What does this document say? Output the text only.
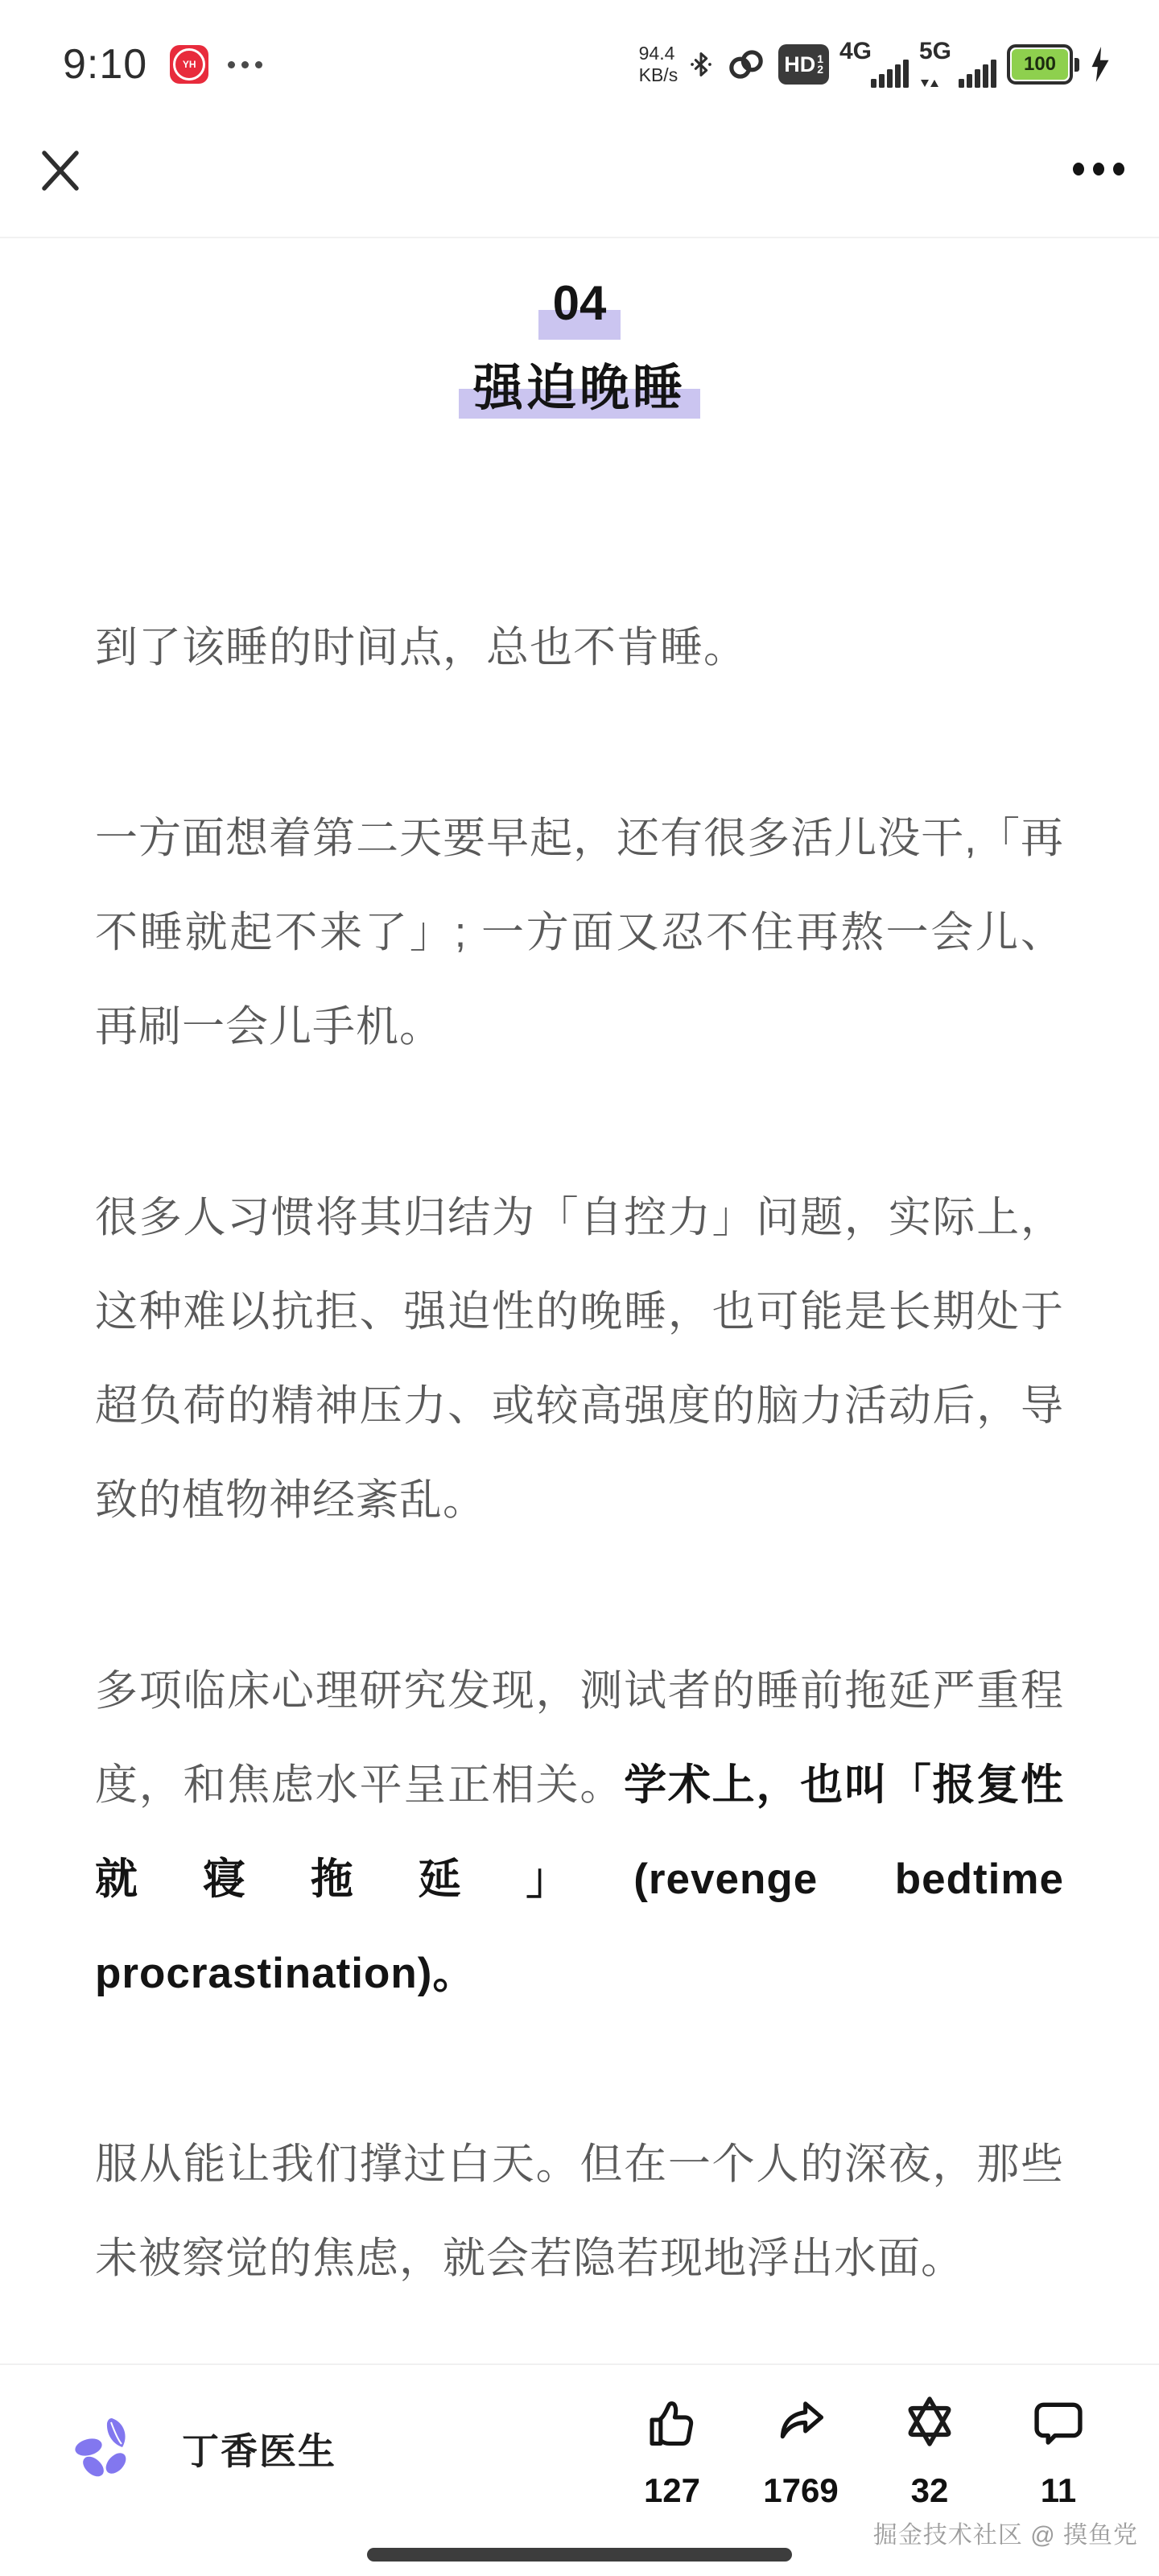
9:10	YH
94.4
KB/s	HD 1
2
4G 5G	100
04
强迫晚睡

到了该睡的时间点，总也不肯睡。

一方面想着第二天要早起，还有很多活儿没干,「再不睡就起不来了」; 一方面又忍不住再熬一会儿、再刷一会儿手机。

很多人习惯将其归结为「自控力」问题，实际上，这种难以抗拒、强迫性的晚睡，也可能是长期处于超负荷的精神压力、或较高强度的脑力活动后，导致的植物神经紊乱。

多项临床心理研究发现，测试者的睡前拖延严重程度，和焦虑水平呈正相关。学术上，也叫「报复性就寝拖延」(revenge bedtime procrastination)。

服从能让我们撑过白天。但在一个人的深夜，那些未被察觉的焦虑，就会若隐若现地浮出水面。

丁香医生
127 1769 32	11
掘金技术社区 @ 摸鱼党
